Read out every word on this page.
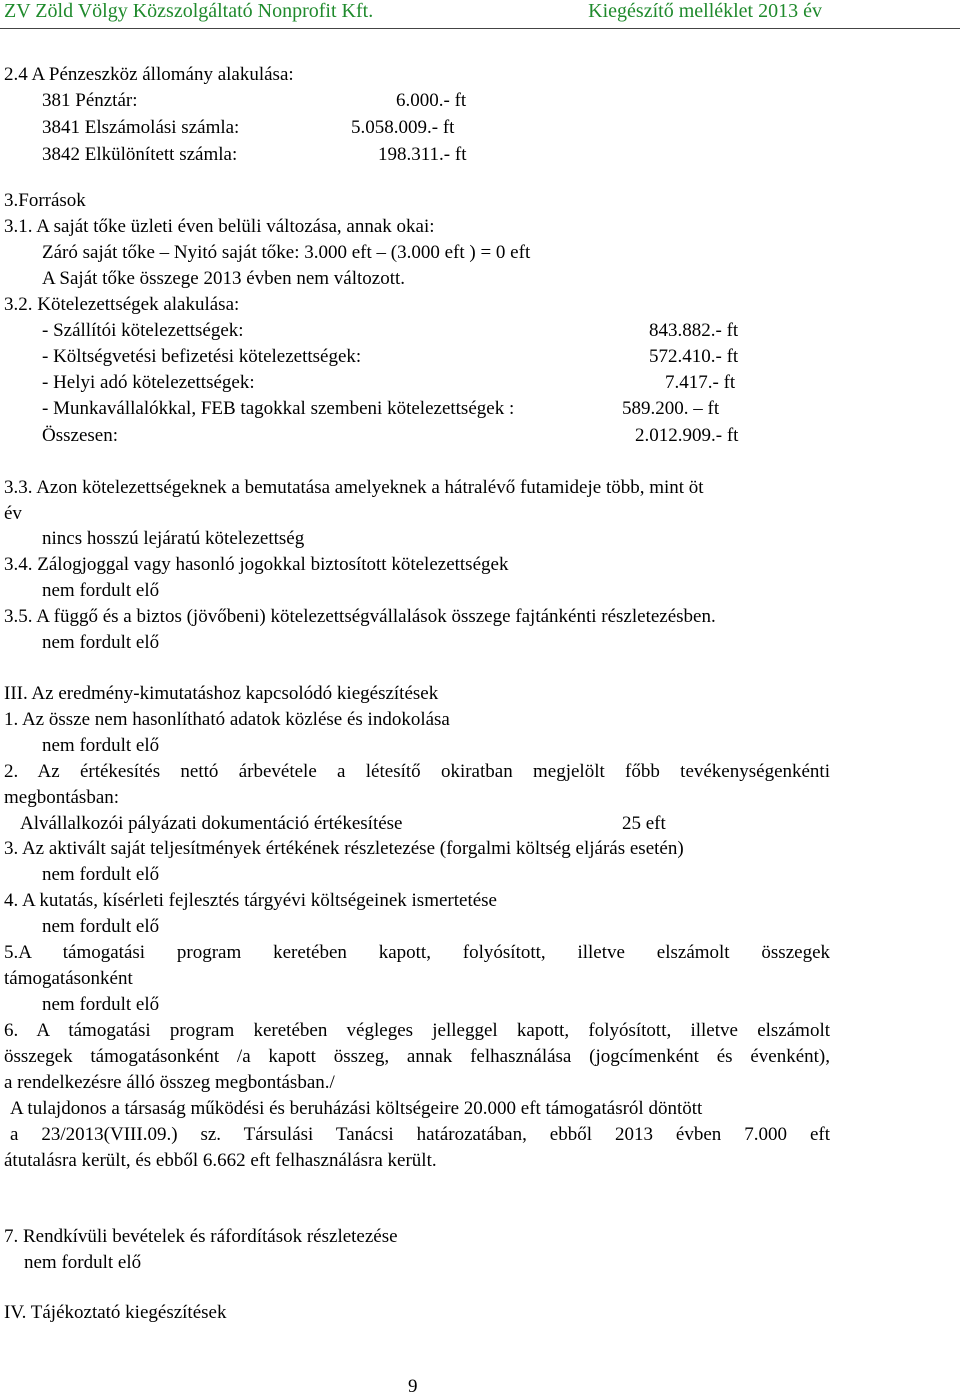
ZV Zöld Völgy Közszolgáltató Nonprofit Kft.	Kiegészítő melléklet 2013 év
2.4 A Pénzeszköz állomány alakulása:
381 Pénztár:	6.000.- ft
3841 Elszámolási számla:	5.058.009.- ft
3842 Elkülönített számla:	198.311.- ft
3.Források
3.1. A saját tőke üzleti éven belüli változása, annak okai:
Záró saját tőke – Nyitó saját tőke: 3.000 eft – (3.000 eft ) = 0 eft
A Saját tőke összege 2013 évben nem változott.
3.2. Kötelezettségek alakulása:
- Szállítói kötelezettségek:	843.882.- ft
- Költségvetési befizetési kötelezettségek:	572.410.- ft
- Helyi adó kötelezettségek:	7.417.- ft
- Munkavállalókkal, FEB tagokkal szembeni kötelezettségek :	589.200. – ft
Összesen:	2.012.909.- ft
3.3. Azon kötelezettségeknek a bemutatása amelyeknek a hátralévő futamideje több, mint öt
év
nincs hosszú lejáratú kötelezettség
3.4. Zálogjoggal vagy hasonló jogokkal biztosított kötelezettségek
nem fordult elő
3.5. A függő és a biztos (jövőbeni) kötelezettségvállalások összege fajtánkénti részletezésben.
nem fordult elő
III. Az eredmény-kimutatáshoz kapcsolódó kiegészítések
1. Az össze nem hasonlítható adatok közlése és indokolása
nem fordult elő
2. Az értékesítés nettó árbevétele a létesítő okiratban megjelölt főbb tevékenységenkénti
megbontásban:
Alvállalkozói pályázati dokumentáció értékesítése	25 eft
3. Az aktivált saját teljesítmények értékének részletezése (forgalmi költség eljárás esetén)
nem fordult elő
4. A kutatás, kísérleti fejlesztés tárgyévi költségeinek ismertetése
nem fordult elő
5.A támogatási program keretében kapott, folyósított, illetve elszámolt összegek
támogatásonként
nem fordult elő
6. A támogatási program keretében végleges jelleggel kapott, folyósított, illetve elszámolt
összegek támogatásonként /a kapott összeg, annak felhasználása (jogcímenként és évenként),
a rendelkezésre álló összeg megbontásban./
A tulajdonos a társaság működési és beruházási költségeire 20.000 eft támogatásról döntött
a 23/2013(VIII.09.) sz. Társulási Tanácsi határozatában, ebből 2013 évben 7.000 eft
átutalásra került, és ebből 6.662 eft felhasználásra került.
7. Rendkívüli bevételek és ráfordítások részletezése
nem fordult elő
IV. Tájékoztató kiegészítések
9
